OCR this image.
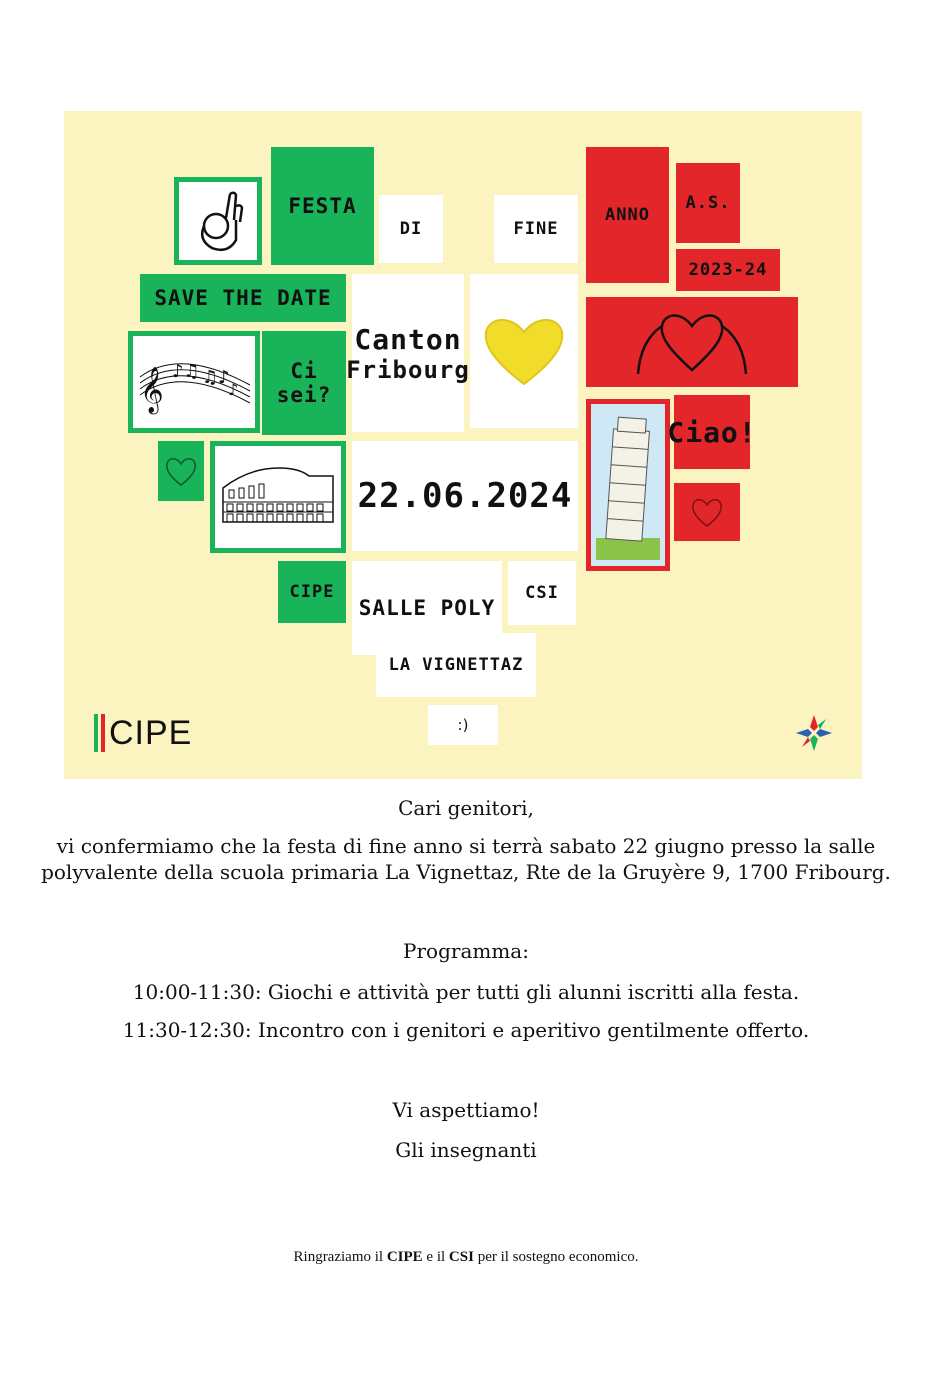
FESTA
DI	FINE
ANNO
A.S.
2023-24
SAVE THE DATE
𝄞 ♪♫ ♫♪
♪
Ci sei?
Canton
Fribourg
Ciao!
22.06.2024
CIPE
SALLE POLY
CSI
LA VIGNETTAZ
:)
CIPE
Cari genitori,
vi confermiamo che la festa di fine anno si terrà sabato 22 giugno presso la salle
polyvalente della scuola primaria La Vignettaz, Rte de la Gruyère 9, 1700 Fribourg.
Programma:
10:00-11:30: Giochi e attività per tutti gli alunni iscritti alla festa.
11:30-12:30: Incontro con i genitori e aperitivo gentilmente offerto.
Vi aspettiamo!
Gli insegnanti
Ringraziamo il CIPE e il CSI per il sostegno economico.
